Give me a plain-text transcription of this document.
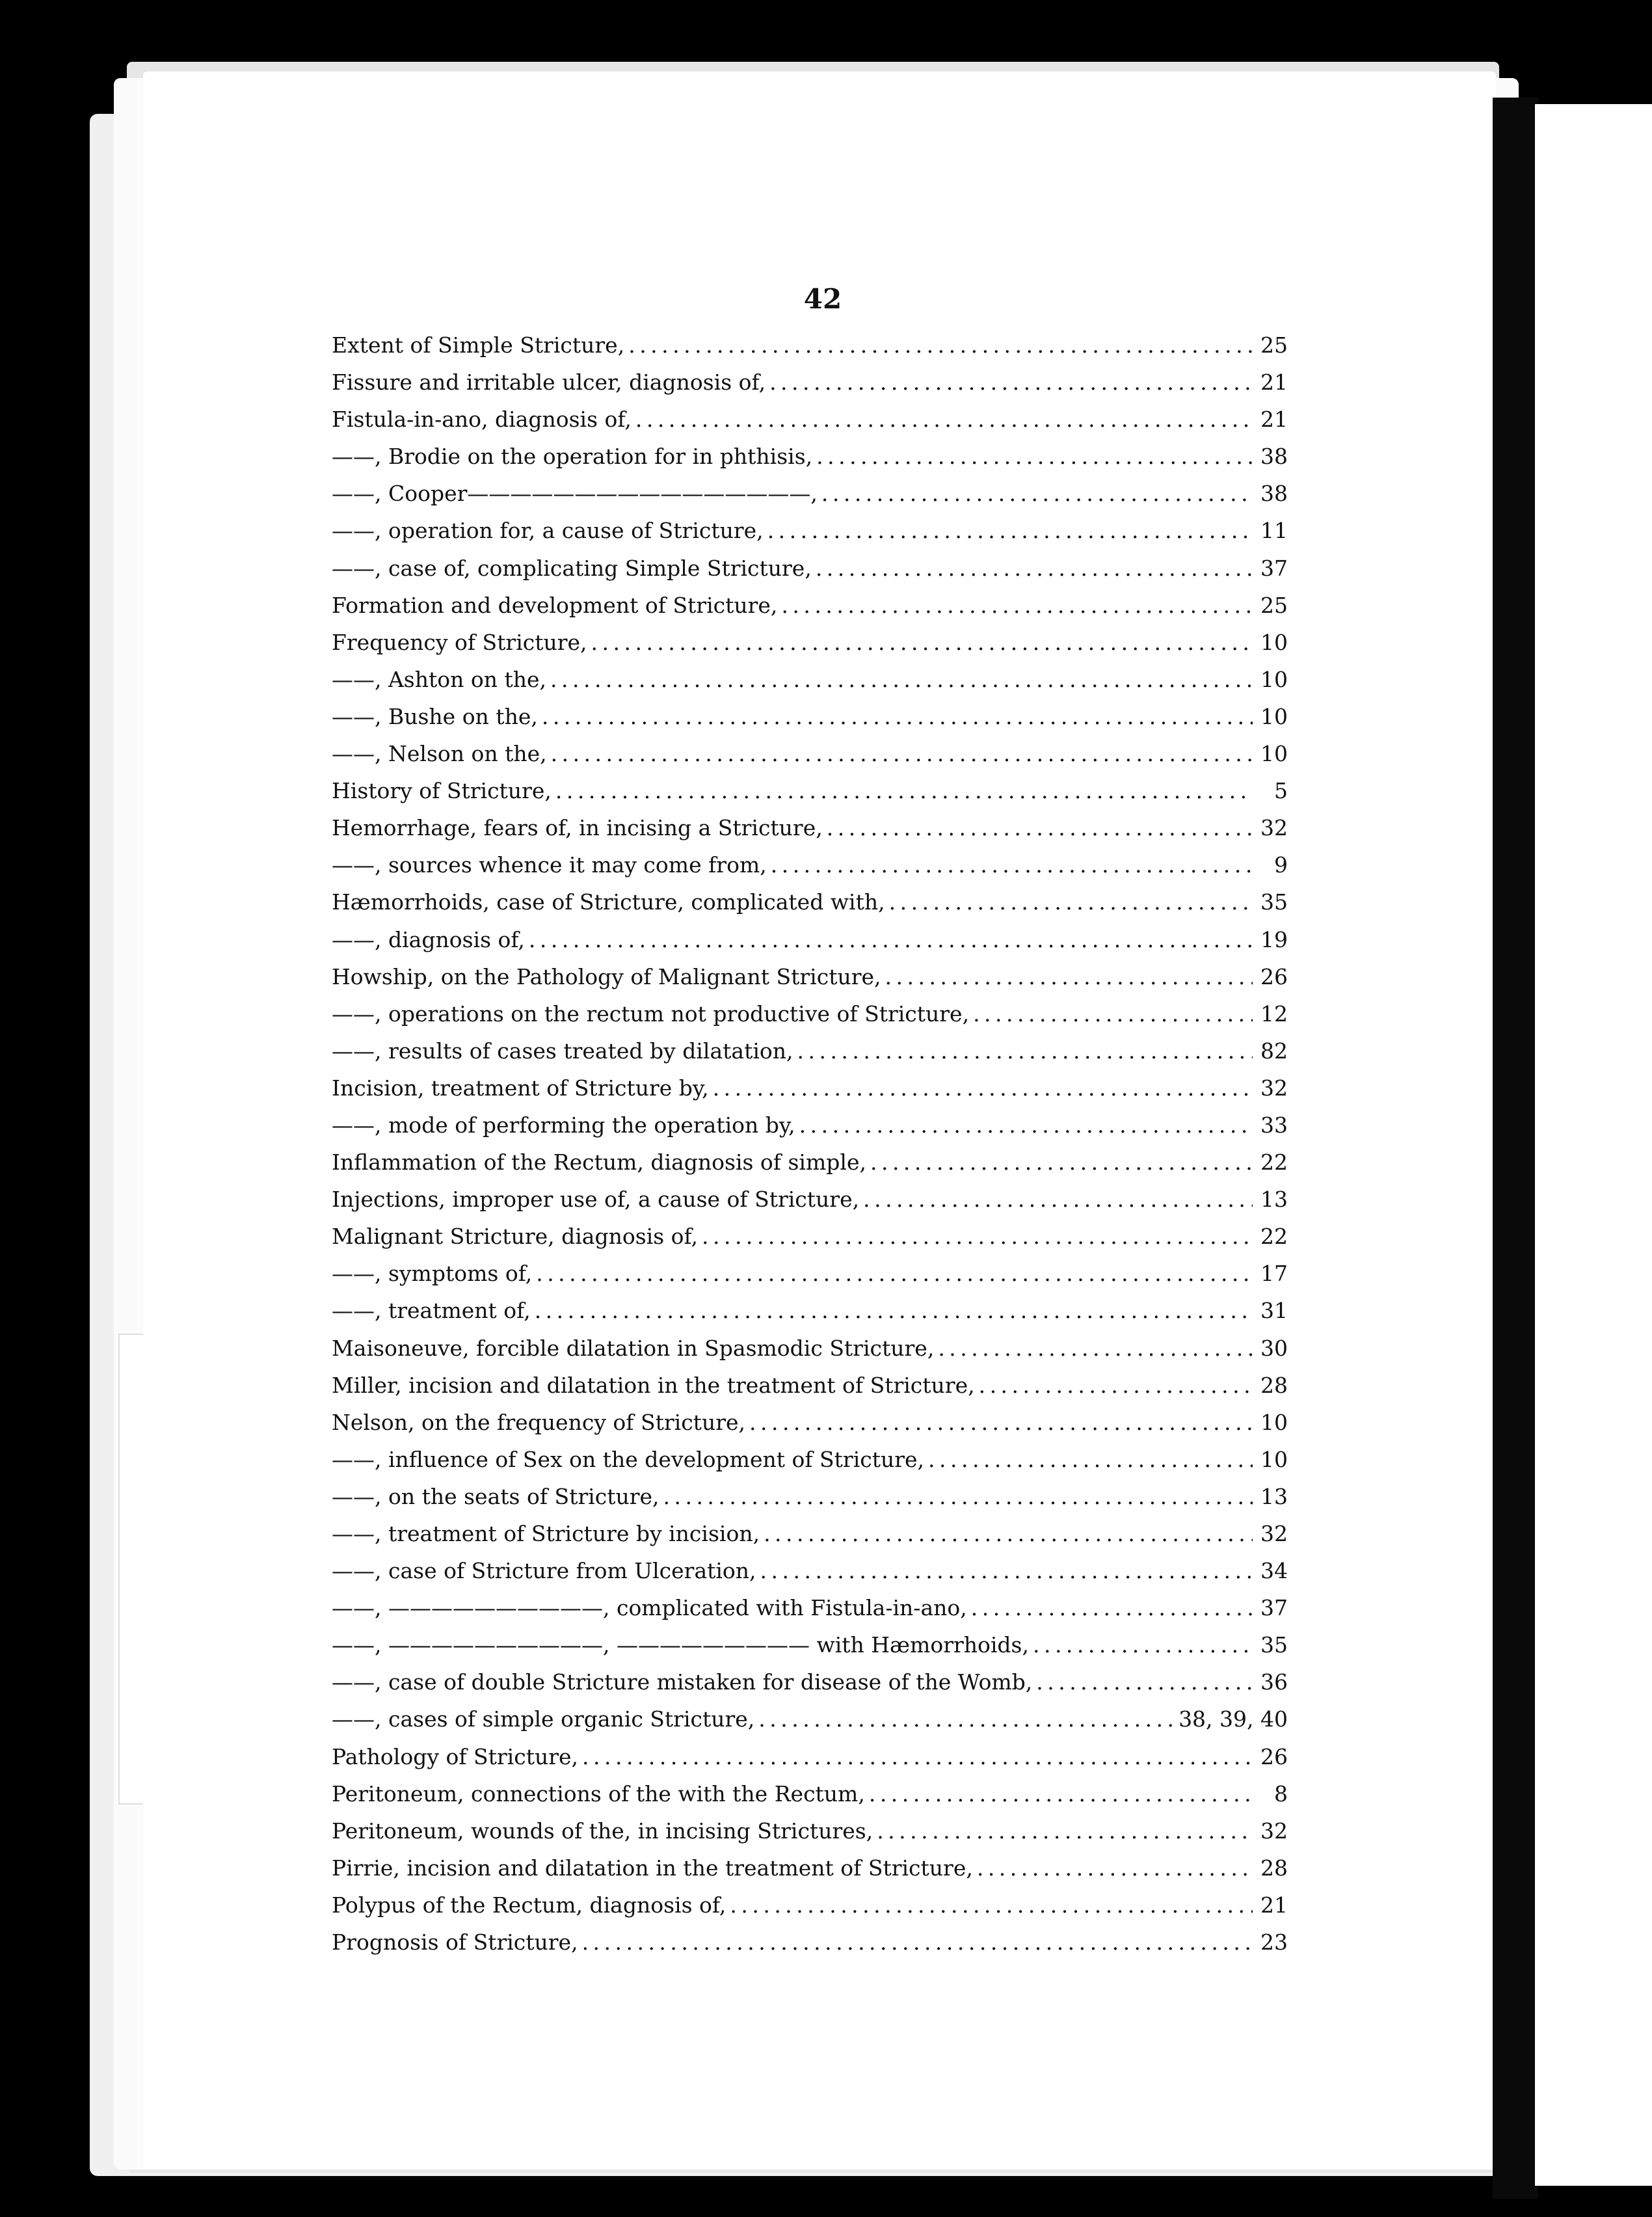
42
Extent of Simple Stricture, . . .	25
Fissure and irritable ulcer, diagnosis of, . . .	21
Fistula-in-ano, diagnosis of, . . .	21
——, Brodie on the operation for in phthisis, . . .	38
——, Cooper————————————————, . . .	38
——, operation for, a cause of Stricture, . . .	11
——, case of, complicating Simple Stricture, . . .	37
Formation and development of Stricture, . . .	25
Frequency of Stricture, . . .	10
——, Ashton on the, . . .	10
——, Bushe on the, . . .	10
——, Nelson on the, . . .	10
History of Stricture, . . .	5
Hemorrhage, fears of, in incising a Stricture, . . .	32
——, sources whence it may come from, . . .	9
Hæmorrhoids, case of Stricture, complicated with, . . .	35
——, diagnosis of, . . .	19
Howship, on the Pathology of Malignant Stricture, . . .	26
——, operations on the rectum not productive of Stricture, . . .	12
——, results of cases treated by dilatation, . . .	82
Incision, treatment of Stricture by, . . .	32
——, mode of performing the operation by, . . .	33
Inflammation of the Rectum, diagnosis of simple, . . .	22
Injections, improper use of, a cause of Stricture, . . .	13
Malignant Stricture, diagnosis of, . . .	22
——, symptoms of, . . .	17
——, treatment of, . . .	31
Maisoneuve, forcible dilatation in Spasmodic Stricture, . . .	30
Miller, incision and dilatation in the treatment of Stricture, . . .	28
Nelson, on the frequency of Stricture, . . .	10
——, influence of Sex on the development of Stricture, . . .	10
——, on the seats of Stricture, . . .	13
——, treatment of Stricture by incision, . . .	32
——, case of Stricture from Ulceration, . . .	34
——, ——————————, complicated with Fistula-in-ano, . . .	37
——, ——————————, ————————— with Hæmorrhoids, . . .	35
——, case of double Stricture mistaken for disease of the Womb, . . .	36
——, cases of simple organic Stricture, . . .	38, 39, 40
Pathology of Stricture, . . .	26
Peritoneum, connections of the with the Rectum, . . .	8
Peritoneum, wounds of the, in incising Strictures, . . .	32
Pirrie, incision and dilatation in the treatment of Stricture, . . .	28
Polypus of the Rectum, diagnosis of, . . .	21
Prognosis of Stricture, . . .	23
